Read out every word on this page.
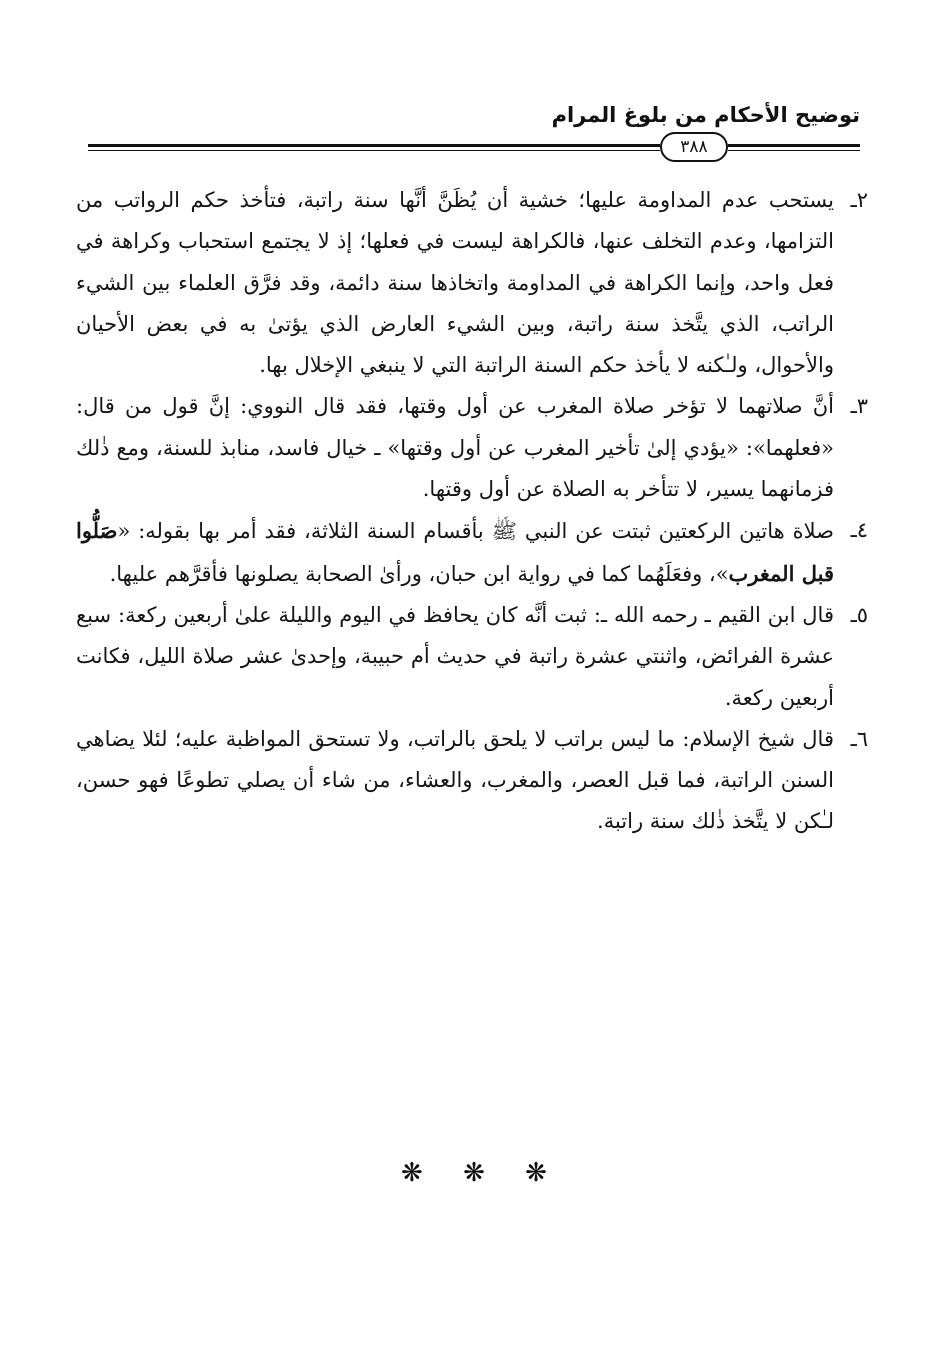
توضيح الأحكام من بلوغ المرام
٣٨٨

٢ـ
يستحب عدم المداومة عليها؛ خشية أن يُظَنَّ أنَّها سنة راتبة، فتأخذ حكم الرواتب من التزامها، وعدم التخلف عنها، فالكراهة ليست في فعلها؛ إذ لا يجتمع استحباب وكراهة في فعل واحد، وإنما الكراهة في المداومة واتخاذها سنة دائمة، وقد فرَّق العلماء بين الشيء الراتب، الذي يتَّخذ سنة راتبة، وبين الشيء العارض الذي يؤتىٰ به في بعض الأحيان والأحوال، ولـٰكنه لا يأخذ حكم السنة الراتبة التي لا ينبغي الإخلال بها.

٣ـ
أنَّ صلاتهما لا تؤخر صلاة المغرب عن أول وقتها، فقد قال النووي: إنَّ قول من قال: «فعلهما»: «يؤدي إلىٰ تأخير المغرب عن أول وقتها» ـ خيال فاسد، منابذ للسنة، ومع ذٰلك فزمانهما يسير، لا تتأخر به الصلاة عن أول وقتها.

٤ـ
صلاة هاتين الركعتين ثبتت عن النبي ﷺ بأقسام السنة الثلاثة، فقد أمر بها بقوله: «صَلُّوا قبل المغرب»، وفعَلَهُما كما في رواية ابن حبان، ورأىٰ الصحابة يصلونها فأقرَّهم عليها.

٥ـ
قال ابن القيم ـ رحمه الله ـ: ثبت أنَّه كان يحافظ في اليوم والليلة علىٰ أربعين ركعة: سبع عشرة الفرائض، واثنتي عشرة راتبة في حديث أم حبيبة، وإحدىٰ عشر صلاة الليل، فكانت أربعين ركعة.

٦ـ
قال شيخ الإسلام: ما ليس براتب لا يلحق بالراتب، ولا تستحق المواظبة عليه؛ لئلا يضاهي السنن الراتبة، فما قبل العصر، والمغرب، والعشاء، من شاء أن يصلي تطوعًا فهو حسن، لـٰكن لا يتَّخذ ذٰلك سنة راتبة.

❋ ❋ ❋
